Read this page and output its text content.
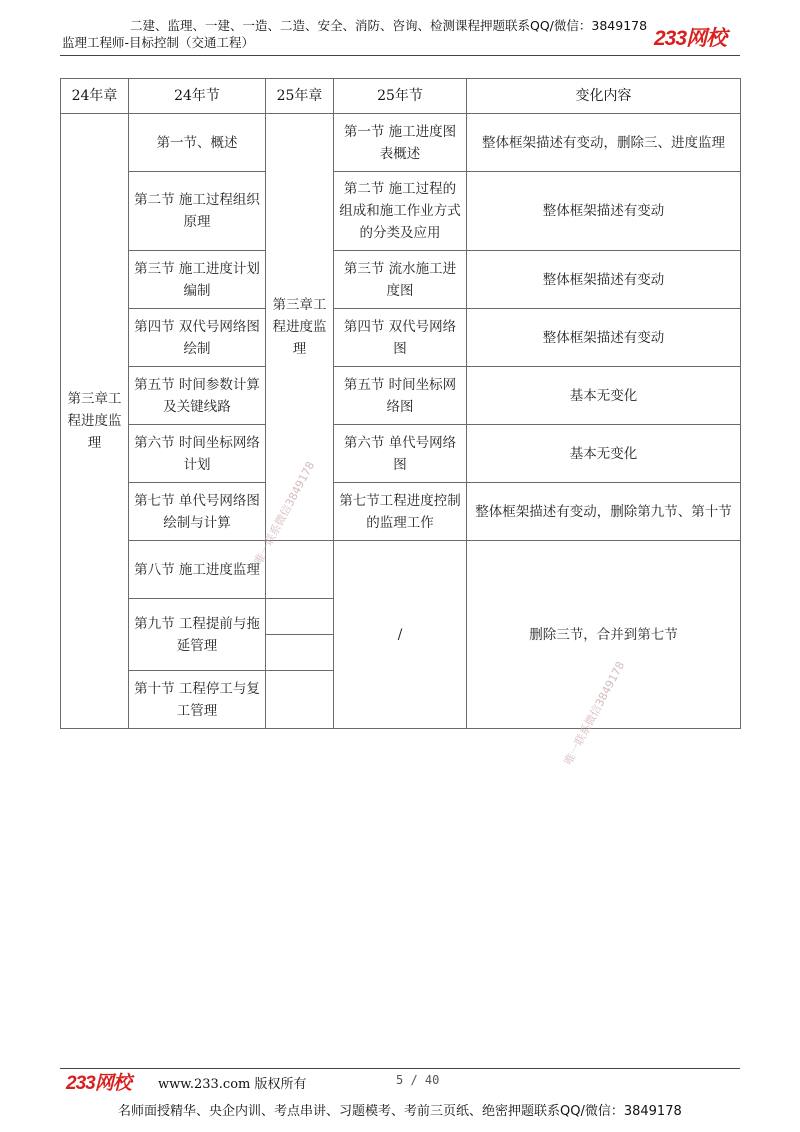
二建、监理、一建、一造、二造、安全、消防、咨询、检测课程押题联系QQ/微信：3849178
监理工程师-目标控制（交通工程）	233网校
24年章	24年节	25年章	25年节	变化内容
第三章工程进度监理	第一节、概述	第三章工程进度监理	第一节 施工进度图表概述	整体框架描述有变动，删除三、进度监理
	第二节 施工过程组织原理		第二节 施工过程的组成和施工作业方式的分类及应用	整体框架描述有变动
	第三节 施工进度计划编制		第三节 流水施工进度图	整体框架描述有变动
	第四节 双代号网络图绘制		第四节 双代号网络图	整体框架描述有变动
	第五节 时间参数计算及关键线路		第五节 时间坐标网络图	基本无变化
	第六节 时间坐标网络计划		第六节 单代号网络图	基本无变化
	第七节 单代号网络图绘制与计算		第七节工程进度控制的监理工作	整体框架描述有变动，删除第九节、第十节
	第八节 施工进度监理		/	删除三节，合并到第七节
	第九节 工程提前与拖延管理			

	第十节 工程停工与复工管理			
唯一联系微信3849178
唯一联系微信3849178
233网校 www.233.com 版权所有	5 / 40
名师面授精华、央企内训、考点串讲、习题模考、考前三页纸、绝密押题联系QQ/微信：3849178
